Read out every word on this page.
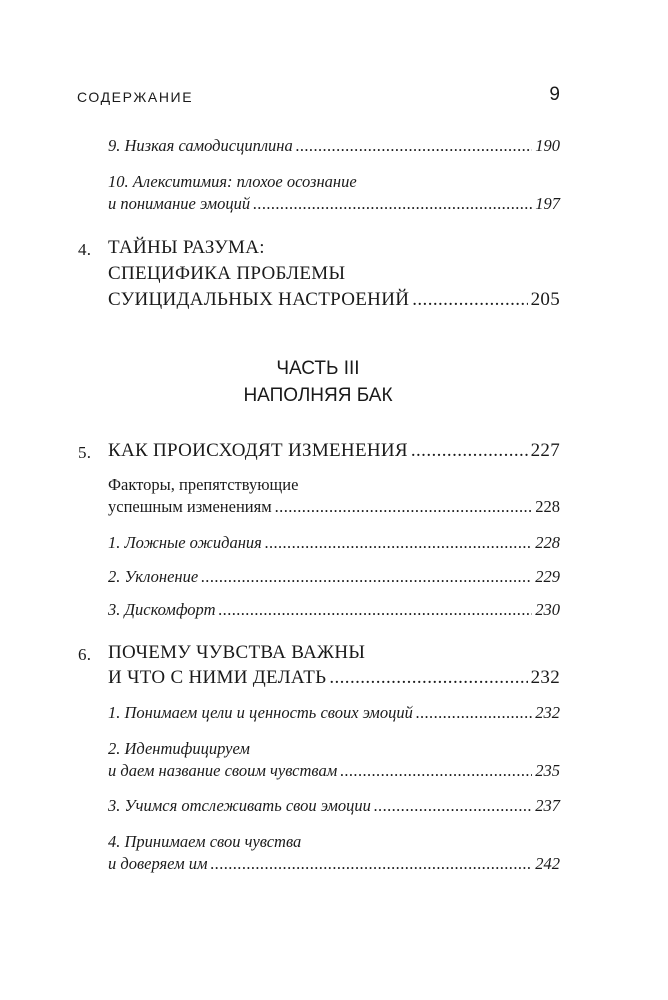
СОДЕРЖАНИЕ	9
9. Низкая самодисциплина .....	190
10. Алекситимия: плохое осознание
и понимание эмоций .....	197
4. ТАЙНЫ РАЗУМА:
СПЕЦИФИКА ПРОБЛЕМЫ
СУИЦИДАЛЬНЫХ НАСТРОЕНИЙ .....	205
ЧАСТЬ III
НАПОЛНЯЯ БАК
5. КАК ПРОИСХОДЯТ ИЗМЕНЕНИЯ .....	227
Факторы, препятствующие
успешным изменениям .....	228
1. Ложные ожидания .....	228
2. Уклонение .....	229
3. Дискомфорт .....	230
6. ПОЧЕМУ ЧУВСТВА ВАЖНЫ
И ЧТО С НИМИ ДЕЛАТЬ .....	232
1. Понимаем цели и ценность своих эмоций .....	232
2. Идентифицируем
и даем название своим чувствам .....	235
3. Учимся отслеживать свои эмоции .....	237
4. Принимаем свои чувства
и доверяем им .....	242
